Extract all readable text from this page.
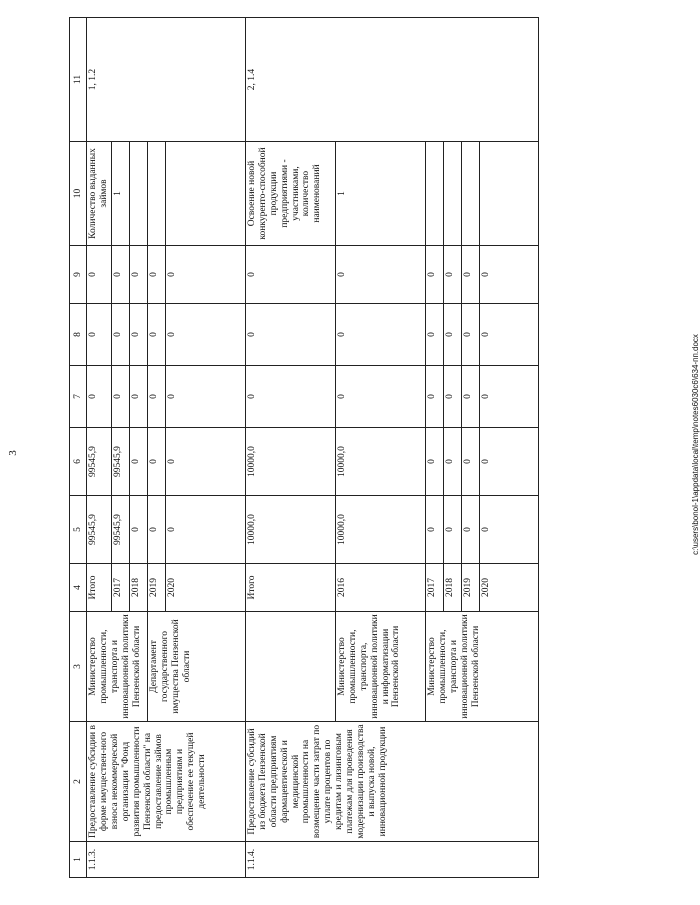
3	c:\users\bonol-1\appdata\local\temp\notes6030c6\634-пп.docx
1	2	3	4	5	6	7	8	9	10	11
1.1.3.	Предоставление субсидии в форме имуществен-ного взноса некоммерческой организации "Фонд развития промышленности Пензенской области" на предоставление займов промышленным предприятиям и обеспечение ее текущей деятельности	Министерство промышленности, транспорта и инновационной политики Пензенской области	Итого	99545,9	99545,9	0	0	0	Количество выданных займов	1, 1.2
			2017	99545,9	99545,9	0	0	0	1	
			2018	0	0	0	0	0		
		Департамент государственного имущества Пензенской области	2019	0	0	0	0	0		
			2020	0	0	0	0	0		
1.1.4.	Предоставление субсидий из бюджета Пензенской области предприятиям фармацевтической и медицинской промышленности на возмещение части затрат по уплате процентов по кредитам и лизинговым платежам для проведения модернизации производства и выпуска новой, инновационной продукции		Итого	10000,0	10000,0	0	0	0	Освоение новой конкуренто-способной продукции предприятиями - участниками, количество наименований	2, 1.4
		Министерство промышленности, транспорта, инновационной политики и информатизации Пензенской области	2016	10000,0	10000,0	0	0	0	1	
		Министерство промышленности, транспорта и инновационной политики Пензенской области	2017	0	0	0	0	0		
			2018	0	0	0	0	0		
			2019	0	0	0	0	0		
			2020	0	0	0	0	0		
